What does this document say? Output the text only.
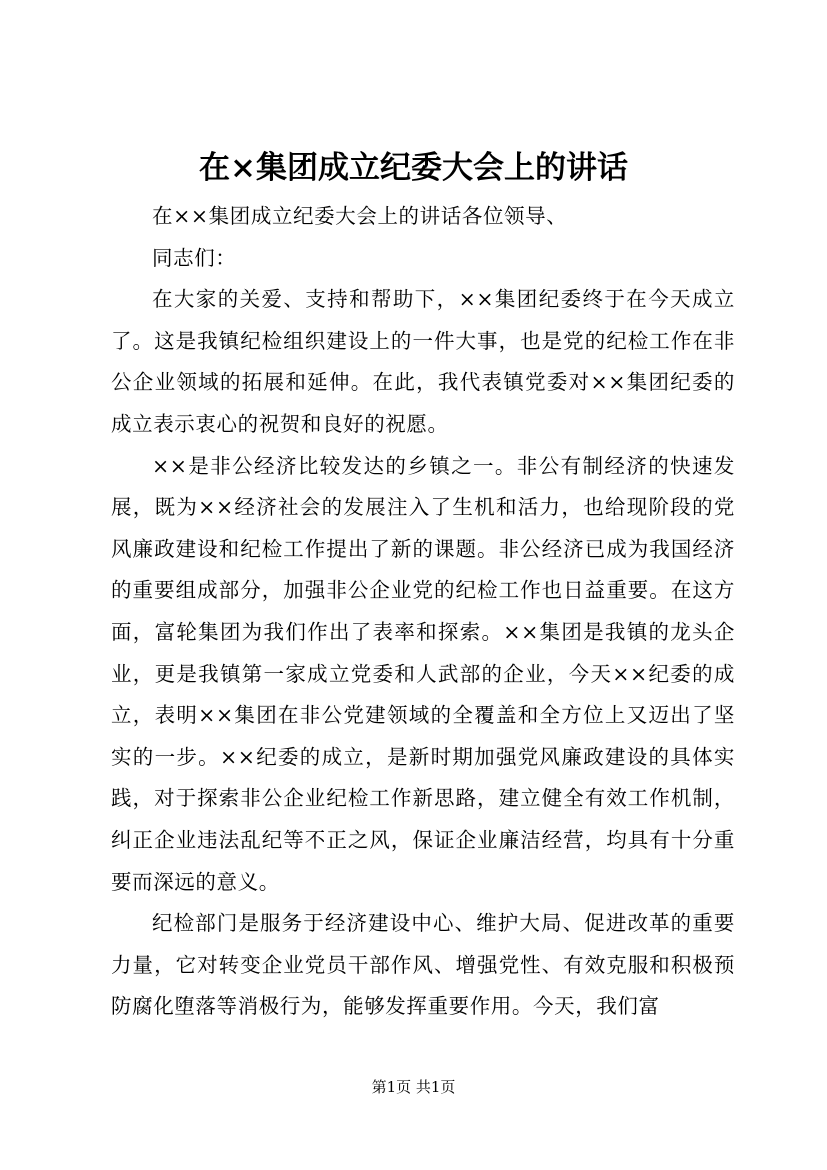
在×集团成立纪委大会上的讲话

在××集团成立纪委大会上的讲话各位领导、

同志们：

在大家的关爱、支持和帮助下，××集团纪委终于在今天成立了。这是我镇纪检组织建设上的一件大事，也是党的纪检工作在非公企业领域的拓展和延伸。在此，我代表镇党委对××集团纪委的成立表示衷心的祝贺和良好的祝愿。

××是非公经济比较发达的乡镇之一。非公有制经济的快速发展，既为××经济社会的发展注入了生机和活力，也给现阶段的党风廉政建设和纪检工作提出了新的课题。非公经济已成为我国经济的重要组成部分，加强非公企业党的纪检工作也日益重要。在这方面，富轮集团为我们作出了表率和探索。××集团是我镇的龙头企业，更是我镇第一家成立党委和人武部的企业，今天××纪委的成立，表明××集团在非公党建领域的全覆盖和全方位上又迈出了坚实的一步。××纪委的成立，是新时期加强党风廉政建设的具体实践，对于探索非公企业纪检工作新思路，建立健全有效工作机制，纠正企业违法乱纪等不正之风，保证企业廉洁经营，均具有十分重要而深远的意义。

纪检部门是服务于经济建设中心、维护大局、促进改革的重要力量，它对转变企业党员干部作风、增强党性、有效克服和积极预防腐化堕落等消极行为，能够发挥重要作用。今天，我们富

第1页 共1页
